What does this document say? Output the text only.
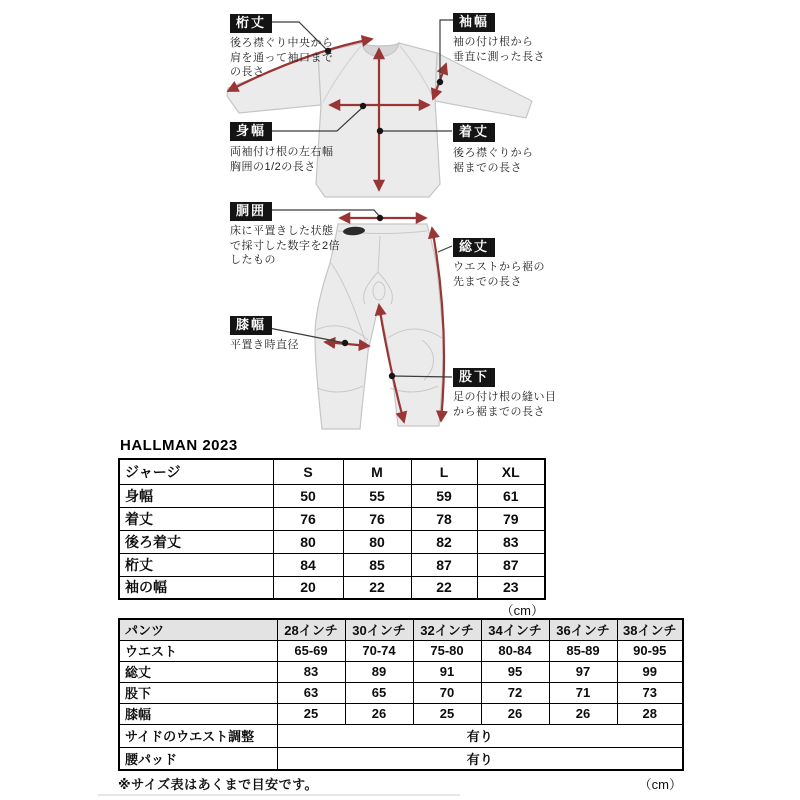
桁丈
後ろ襟ぐり中央から
肩を通って袖口まで
の長さ
袖幅
袖の付け根から
垂直に測った長さ
身幅
両袖付け根の左右幅
胸囲の1/2の長さ
着丈
後ろ襟ぐりから
裾までの長さ
胴囲
床に平置きした状態
で採寸した数字を2倍
したもの
総丈
ウエストから裾の
先までの長さ
膝幅
平置き時直径
股下
足の付け根の縫い目
から裾までの長さ
HALLMAN 2023
ジャージ	S	M	L	XL
身幅	50	55	59	61
着丈	76	76	78	79
後ろ着丈	80	80	82	83
桁丈	84	85	87	87
袖の幅	20	22	22	23
（cm）
パンツ	28インチ	30インチ	32インチ	34インチ	36インチ	38インチ
ウエスト	65-69	70-74	75-80	80-84	85-89	90-95
総丈	83	89	91	95	97	99
股下	63	65	70	72	71	73
膝幅	25	26	25	26	26	28
サイドのウエスト調整	有り					
腰パッド	有り					
※サイズ表はあくまで目安です。	（cm）
